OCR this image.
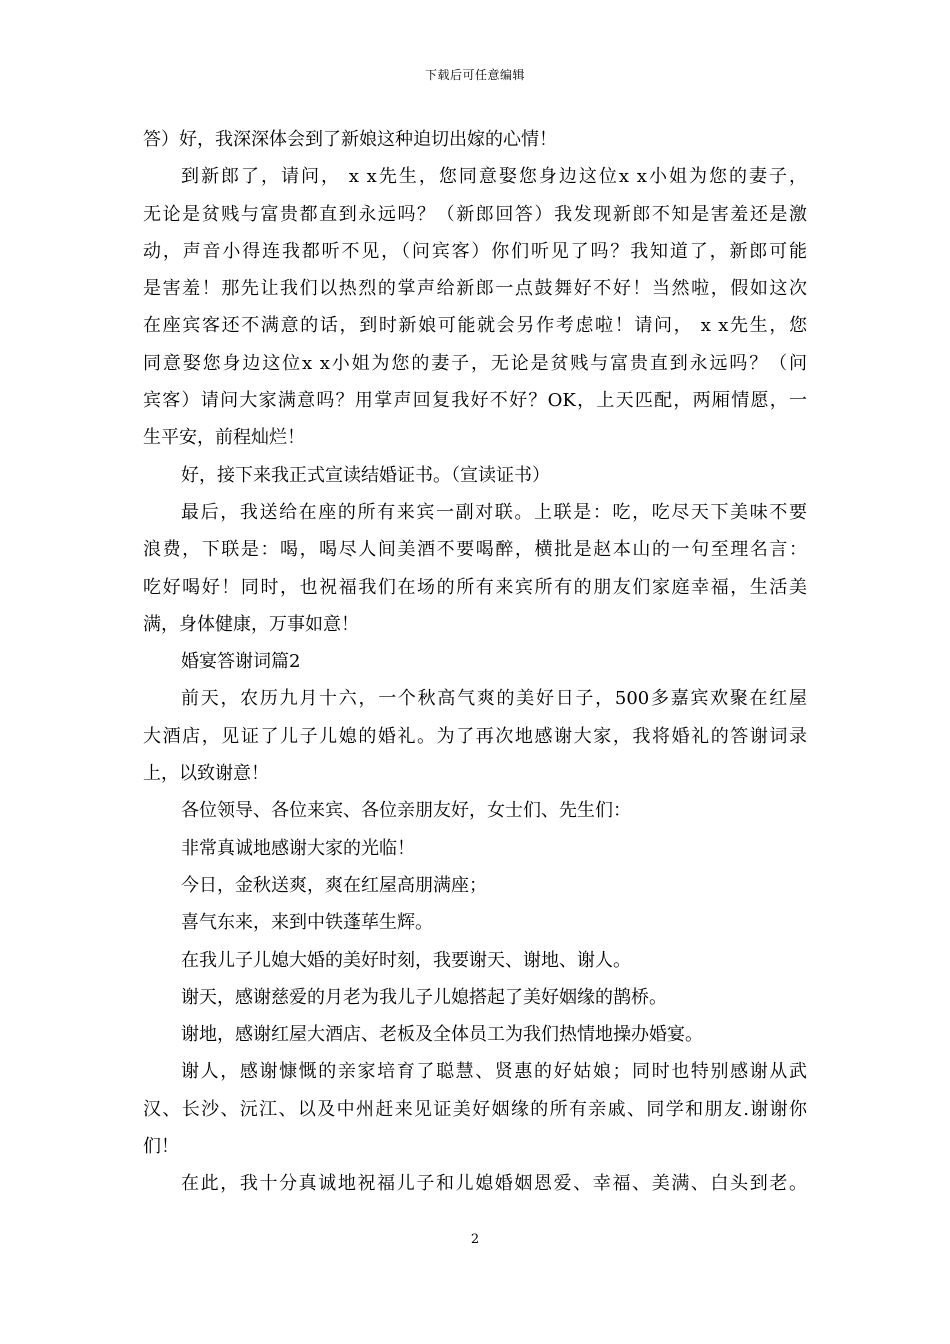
下载后可任意编辑
答）好，我深深体会到了新娘这种迫切出嫁的心情！
到新郎了，请问， x x先生，您同意娶您身边这位x x小姐为您的妻子，
无论是贫贱与富贵都直到永远吗？（新郎回答）我发现新郎不知是害羞还是激
动，声音小得连我都听不见，（问宾客）你们听见了吗？我知道了，新郎可能
是害羞！那先让我们以热烈的掌声给新郎一点鼓舞好不好！当然啦，假如这次
在座宾客还不满意的话，到时新娘可能就会另作考虑啦！请问， x x先生，您
同意娶您身边这位x x小姐为您的妻子，无论是贫贱与富贵直到永远吗？（问
宾客）请问大家满意吗？用掌声回复我好不好？OK，上天匹配，两厢情愿，一
生平安，前程灿烂！
好，接下来我正式宣读结婚证书。（宣读证书）
最后，我送给在座的所有来宾一副对联。上联是：吃，吃尽天下美味不要
浪费，下联是：喝，喝尽人间美酒不要喝醉，横批是赵本山的一句至理名言：
吃好喝好！同时，也祝福我们在场的所有来宾所有的朋友们家庭幸福，生活美
满，身体健康，万事如意！
婚宴答谢词篇2
前天，农历九月十六，一个秋高气爽的美好日子，500多嘉宾欢聚在红屋
大酒店，见证了儿子儿媳的婚礼。为了再次地感谢大家，我将婚礼的答谢词录
上，以致谢意！
各位领导、各位来宾、各位亲朋友好，女士们、先生们：
非常真诚地感谢大家的光临！
今日，金秋送爽，爽在红屋高朋满座；
喜气东来，来到中铁蓬荜生辉。
在我儿子儿媳大婚的美好时刻，我要谢天、谢地、谢人。
谢天，感谢慈爱的月老为我儿子儿媳搭起了美好姻缘的鹊桥。
谢地，感谢红屋大酒店、老板及全体员工为我们热情地操办婚宴。
谢人，感谢慷慨的亲家培育了聪慧、贤惠的好姑娘；同时也特别感谢从武
汉、长沙、沅江、以及中州赶来见证美好姻缘的所有亲戚、同学和朋友.谢谢你
们！
在此，我十分真诚地祝福儿子和儿媳婚姻恩爱、幸福、美满、白头到老。
2
